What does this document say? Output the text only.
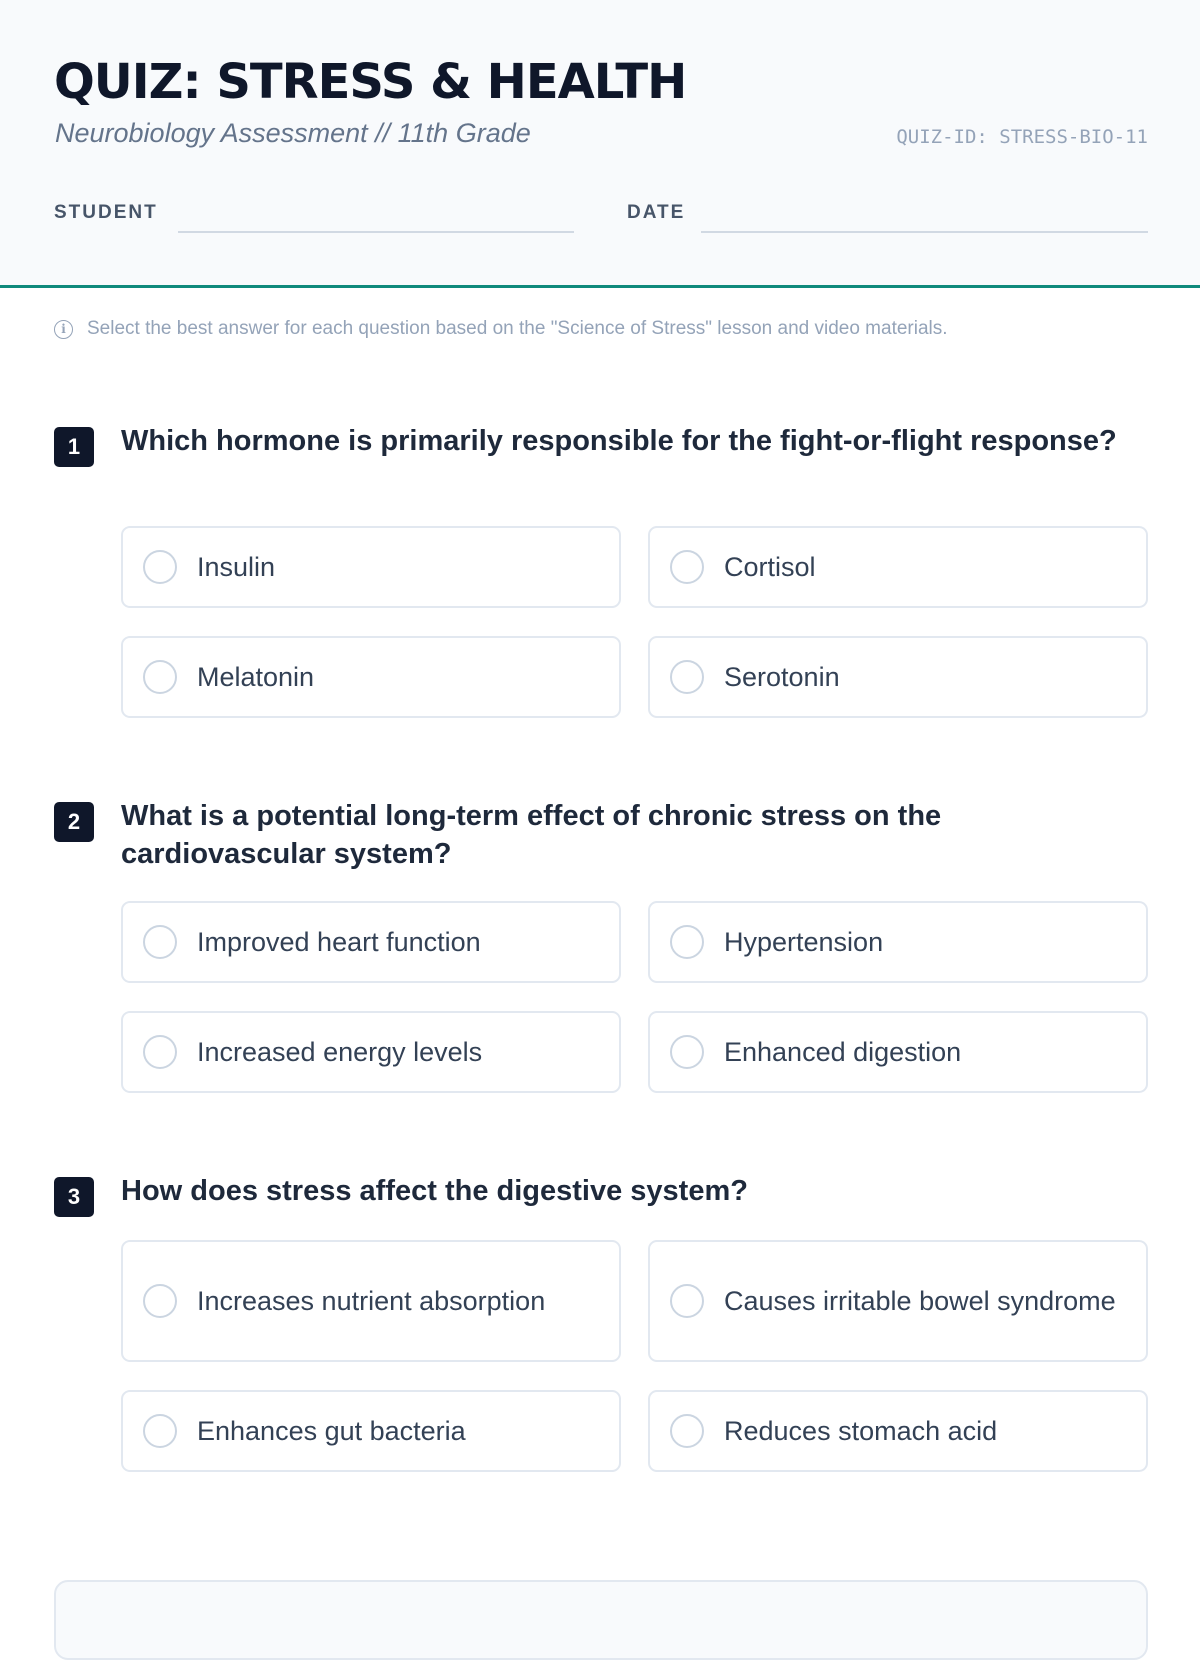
QUIZ: STRESS & HEALTH
Neurobiology Assessment // 11th Grade	QUIZ-ID: STRESS-BIO-11
STUDENT	DATE
i	Select the best answer for each question based on the "Science of Stress" lesson and video materials.
1	Which hormone is primarily responsible for the fight-or-flight response?
Insulin	Cortisol
Melatonin	Serotonin
2	What is a potential long-term effect of chronic stress on the cardiovascular system?
Improved heart function	Hypertension
Increased energy levels	Enhanced digestion
3	How does stress affect the digestive system?
Increases nutrient absorption	Causes irritable bowel syndrome
Enhances gut bacteria	Reduces stomach acid
